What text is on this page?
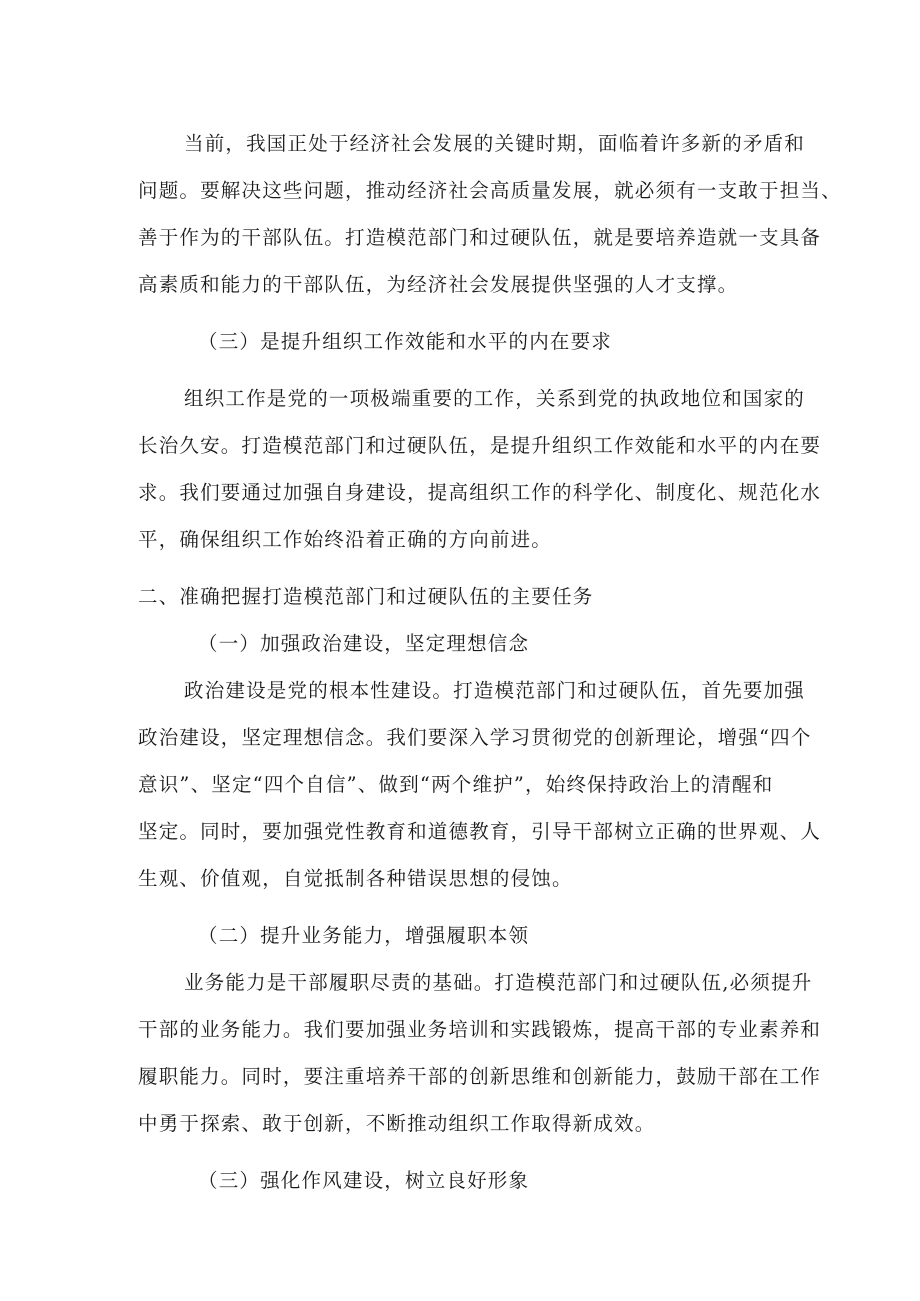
当前，我国正处于经济社会发展的关键时期，面临着许多新的矛盾和
问题。要解决这些问题，推动经济社会高质量发展，就必须有一支敢于担当、
善于作为的干部队伍。打造模范部门和过硬队伍，就是要培养造就一支具备
高素质和能力的干部队伍，为经济社会发展提供坚强的人才支撑。
（三）是提升组织工作效能和水平的内在要求
组织工作是党的一项极端重要的工作，关系到党的执政地位和国家的
长治久安。打造模范部门和过硬队伍，是提升组织工作效能和水平的内在要
求。我们要通过加强自身建设，提高组织工作的科学化、制度化、规范化水
平，确保组织工作始终沿着正确的方向前进。
二、准确把握打造模范部门和过硬队伍的主要任务
（一）加强政治建设，坚定理想信念
政治建设是党的根本性建设。打造模范部门和过硬队伍，首先要加强
政治建设，坚定理想信念。我们要深入学习贯彻党的创新理论，增强“四个
意识”、坚定“四个自信”、做到“两个维护”，始终保持政治上的清醒和
坚定。同时，要加强党性教育和道德教育，引导干部树立正确的世界观、人
生观、价值观，自觉抵制各种错误思想的侵蚀。
（二）提升业务能力，增强履职本领
业务能力是干部履职尽责的基础。打造模范部门和过硬队伍,必须提升
干部的业务能力。我们要加强业务培训和实践锻炼，提高干部的专业素养和
履职能力。同时，要注重培养干部的创新思维和创新能力，鼓励干部在工作
中勇于探索、敢于创新，不断推动组织工作取得新成效。
（三）强化作风建设，树立良好形象
